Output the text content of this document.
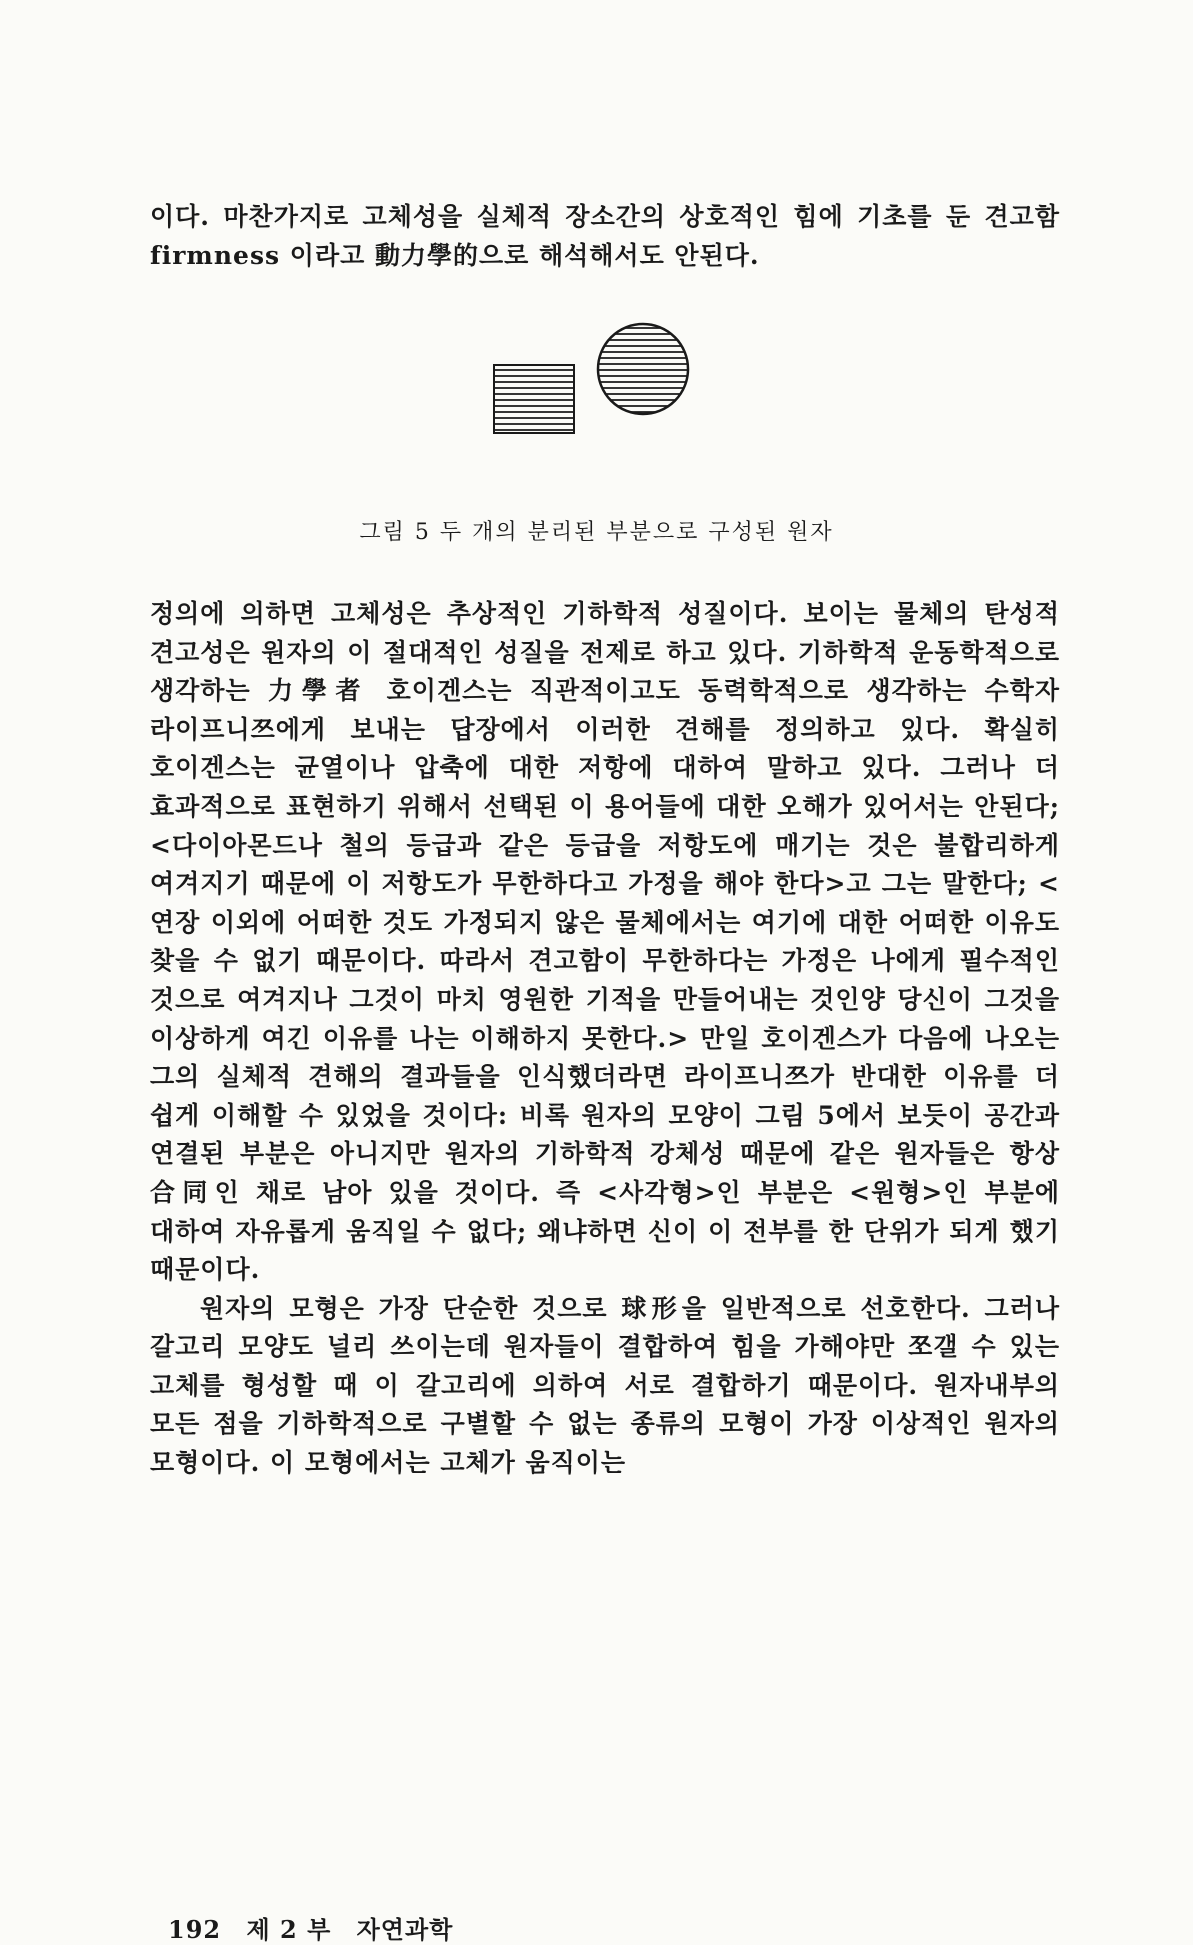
이다. 마찬가지로 고체성을 실체적 장소간의 상호적인 힘에 기초를 둔 견고함 firmness 이라고 動力學的으로 해석해서도 안된다.

그림 5 두 개의 분리된 부분으로 구성된 원자

정의에 의하면 고체성은 추상적인 기하학적 성질이다. 보이는 물체의 탄성적 견고성은 원자의 이 절대적인 성질을 전제로 하고 있다. 기하학적 운동학적으로 생각하는 力學者 호이겐스는 직관적이고도 동력학적으로 생각하는 수학자 라이프니쯔에게 보내는 답장에서 이러한 견해를 정의하고 있다. 확실히 호이겐스는 균열이나 압축에 대한 저항에 대하여 말하고 있다. 그러나 더 효과적으로 표현하기 위해서 선택된 이 용어들에 대한 오해가 있어서는 안된다; <다이아몬드나 철의 등급과 같은 등급을 저항도에 매기는 것은 불합리하게 여겨지기 때문에 이 저항도가 무한하다고 가정을 해야 한다>고 그는 말한다; <연장 이외에 어떠한 것도 가정되지 않은 물체에서는 여기에 대한 어떠한 이유도 찾을 수 없기 때문이다. 따라서 견고함이 무한하다는 가정은 나에게 필수적인 것으로 여겨지나 그것이 마치 영원한 기적을 만들어내는 것인양 당신이 그것을 이상하게 여긴 이유를 나는 이해하지 못한다.> 만일 호이겐스가 다음에 나오는 그의 실체적 견해의 결과들을 인식했더라면 라이프니쯔가 반대한 이유를 더 쉽게 이해할 수 있었을 것이다: 비록 원자의 모양이 그림 5에서 보듯이 공간과 연결된 부분은 아니지만 원자의 기하학적 강체성 때문에 같은 원자들은 항상 合同인 채로 남아 있을 것이다. 즉 <사각형>인 부분은 <원형>인 부분에 대하여 자유롭게 움직일 수 없다; 왜냐하면 신이 이 전부를 한 단위가 되게 했기 때문이다.

원자의 모형은 가장 단순한 것으로 球形을 일반적으로 선호한다. 그러나 갈고리 모양도 널리 쓰이는데 원자들이 결합하여 힘을 가해야만 쪼갤 수 있는 고체를 형성할 때 이 갈고리에 의하여 서로 결합하기 때문이다. 원자내부의 모든 점을 기하학적으로 구별할 수 없는 종류의 모형이 가장 이상적인 원자의 모형이다. 이 모형에서는 고체가 움직이는

192 제 2 부 자연과학
